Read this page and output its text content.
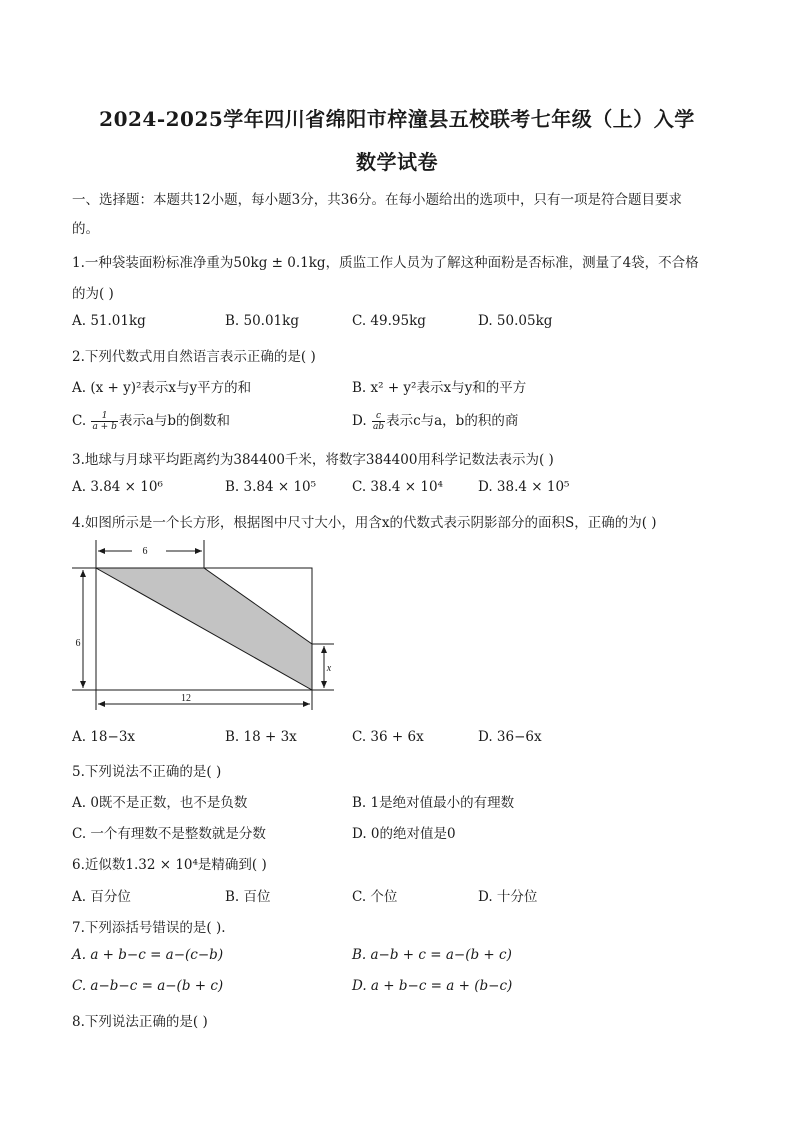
2024-2025学年四川省绵阳市梓潼县五校联考七年级（上）入学
数学试卷
一、选择题：本题共12小题，每小题3分，共36分。在每小题给出的选项中，只有一项是符合题目要求
的。
1.一种袋装面粉标准净重为50kg ± 0.1kg，质监工作人员为了解这种面粉是否标准，测量了4袋，不合格
的为( )
A. 51.01kg	B. 50.01kg	C. 49.95kg	D. 50.05kg
2.下列代数式用自然语言表示正确的是( )
A. (x + y)²表示x与y平方的和	B. x² + y²表示x与y和的平方
C. $\frac{1}{a + b}$ 表示a与b的倒数和	D. $\frac{c}{ab}$ 表示c与a，b的积的商
3.地球与月球平均距离约为384400千米，将数字384400用科学记数法表示为( )
A. 3.84 × 10⁶	B. 3.84 × 10⁵	C. 38.4 × 10⁴	D. 38.4 × 10⁵
4.如图所示是一个长方形，根据图中尺寸大小，用含x的代数式表示阴影部分的面积S，正确的为( )
6
6
x
12
A. 18−3x	B. 18 + 3x	C. 36 + 6x	D. 36−6x
5.下列说法不正确的是( )
A. 0既不是正数，也不是负数	B. 1是绝对值最小的有理数
C. 一个有理数不是整数就是分数	D. 0的绝对值是0
6.近似数1.32 × 10⁴是精确到( )
A. 百分位	B. 百位	C. 个位	D. 十分位
7.下列添括号错误的是( ).
A. a + b−c = a−(c−b)	B. a−b + c = a−(b + c)
C. a−b−c = a−(b + c)	D. a + b−c = a + (b−c)
8.下列说法正确的是( )
